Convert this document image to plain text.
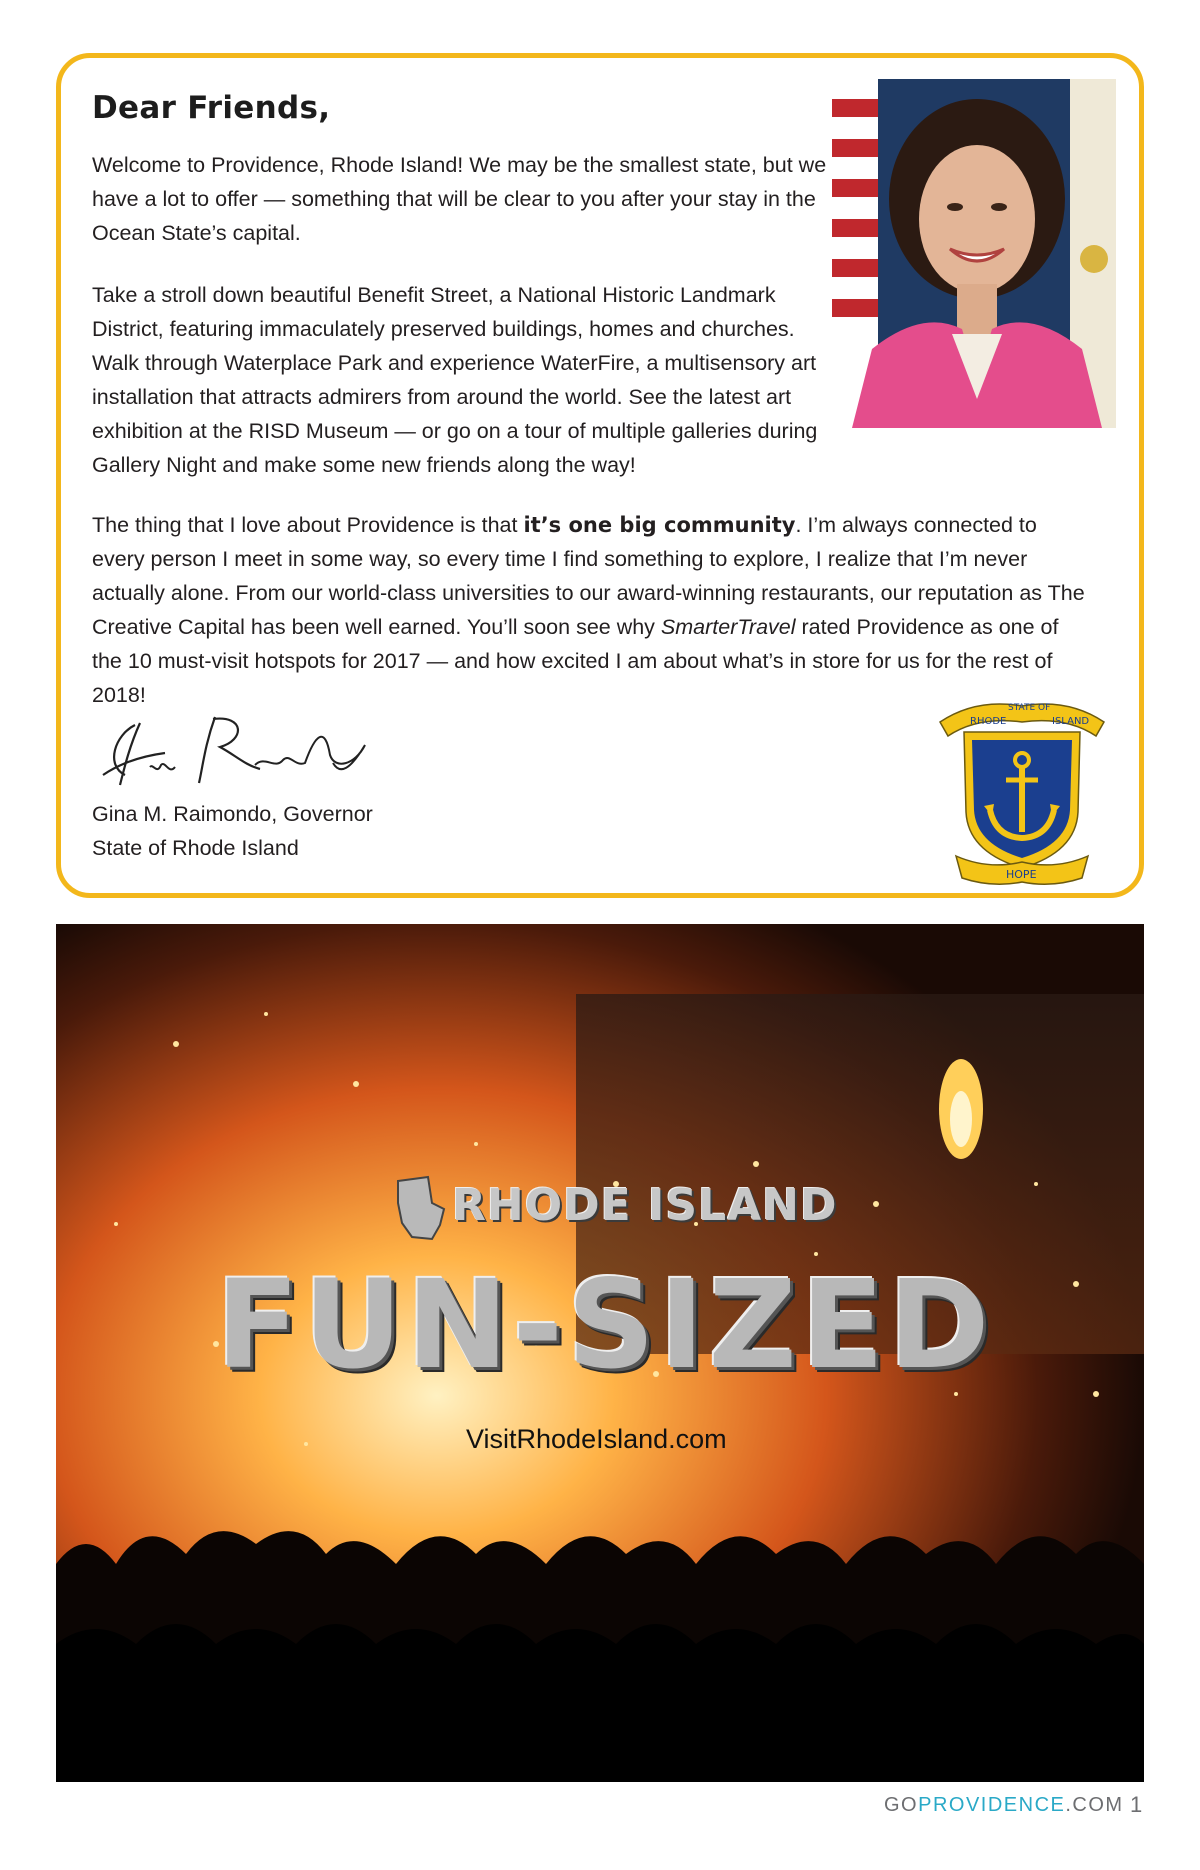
Dear Friends,

Welcome to Providence, Rhode Island! We may be the smallest state, but we have a lot to offer — something that will be clear to you after your stay in the Ocean State’s capital.

Take a stroll down beautiful Benefit Street, a National Historic Landmark District, featuring immaculately preserved buildings, homes and churches. Walk through Waterplace Park and experience WaterFire, a multisensory art installation that attracts admirers from around the world. See the latest art exhibition at the RISD Museum — or go on a tour of multiple galleries during Gallery Night and make some new friends along the way!

The thing that I love about Providence is that it’s one big community. I’m always connected to every person I meet in some way, so every time I find something to explore, I realize that I’m never actually alone. From our world-class universities to our award-winning restaurants, our reputation as The Creative Capital has been well earned. You’ll soon see why SmarterTravel rated Providence as one of the 10 must-visit hotspots for 2017 — and how excited I am about what’s in store for us for the rest of 2018!

Gina M. Raimondo, Governor

State of Rhode Island

RHODE
STATE OF
ISLAND
HOPE

RHODE ISLAND

FUN-SIZED

VisitRhodeIsland.com

GOPROVIDENCE.COM 1
